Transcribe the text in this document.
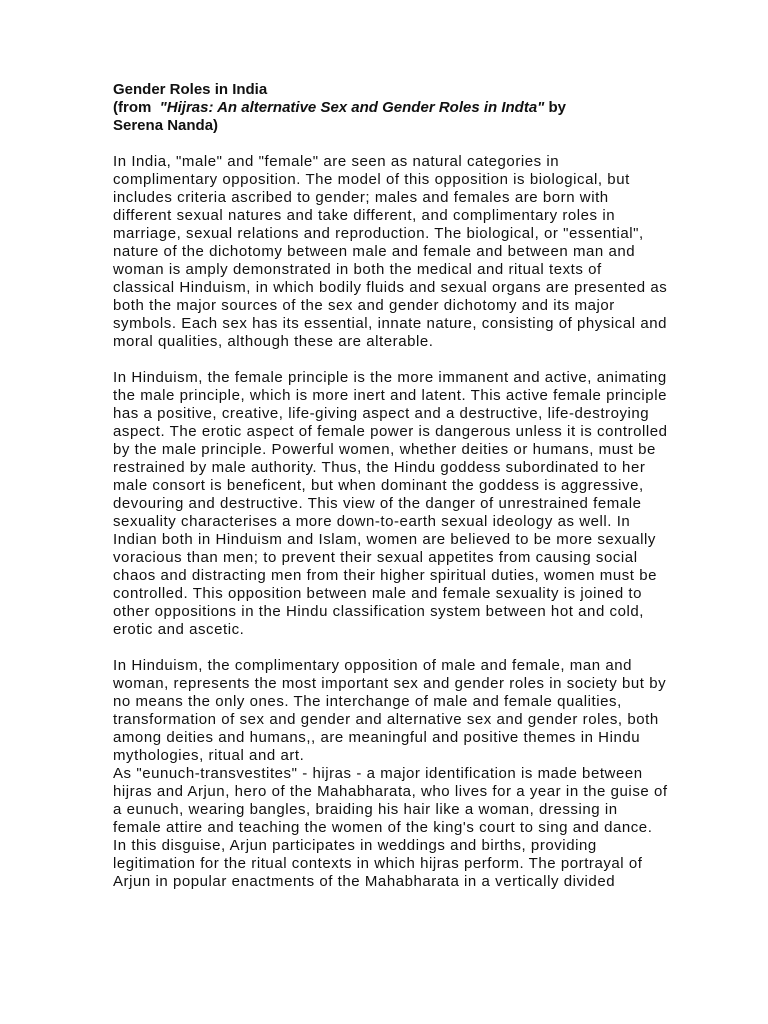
Gender Roles in India

(from  "Hijras: An alternative Sex and Gender Roles in Indta" by

Serena Nanda)

In India, "male" and "female" are seen as natural categories in complimentary opposition. The model of this opposition is biological, but includes criteria ascribed to gender; males and females are born with different sexual natures and take different, and complimentary roles in marriage, sexual relations and reproduction. The biological, or "essential", nature of the dichotomy between male and female and between man and woman is amply demonstrated in both the medical and ritual texts of classical Hinduism, in which bodily fluids and sexual organs are presented as both the major sources of the sex and gender dichotomy and its major symbols. Each sex has its essential, innate nature, consisting of physical and moral qualities, although these are alterable.

In Hinduism, the female principle is the more immanent and active, animating the male principle, which is more inert and latent. This active female principle has a positive, creative, life-giving aspect and a destructive, life-destroying aspect. The erotic aspect of female power is dangerous unless it is controlled by the male principle. Powerful women, whether deities or humans, must be restrained by male authority. Thus, the Hindu goddess subordinated to her male consort is beneficent, but when dominant the goddess is aggressive, devouring and destructive. This view of the danger of unrestrained female sexuality characterises a more down-to-earth sexual ideology as well. In Indian both in Hinduism and Islam, women are believed to be more sexually voracious than men; to prevent their sexual appetites from causing social chaos and distracting men from their higher spiritual duties, women must be controlled. This opposition between male and female sexuality is joined to other oppositions in the Hindu classification system between hot and cold, erotic and ascetic.

In Hinduism, the complimentary opposition of male and female, man and woman, represents the most important sex and gender roles in society but by no means the only ones. The interchange of male and female qualities, transformation of sex and gender and alternative sex and gender roles, both among deities and humans,, are meaningful and positive themes in Hindu mythologies, ritual and art.

As "eunuch-transvestites" - hijras - a major identification is made between hijras and Arjun, hero of the Mahabharata, who lives for a year in the guise of a eunuch, wearing bangles, braiding his hair like a woman, dressing in female attire and teaching the women of the king's court to sing and dance. In this disguise, Arjun participates in weddings and births, providing legitimation for the ritual contexts in which hijras perform. The portrayal of Arjun in popular enactments of the Mahabharata in a vertically divided
